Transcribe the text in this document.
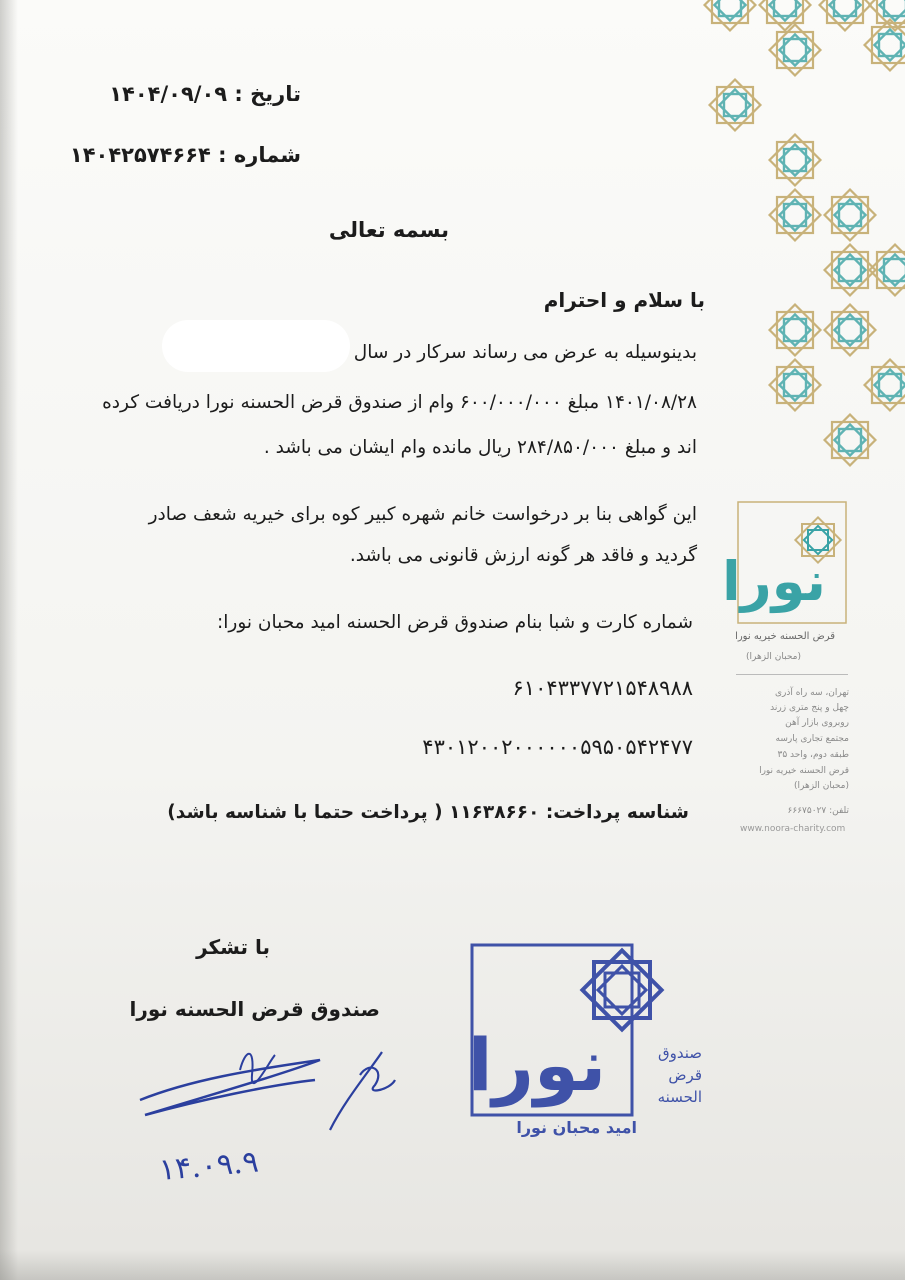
نورا
قرض الحسنه خیریه نورا
(محبان الزهرا)
تهران، سه راه آذری
چهل و پنج متری زرند
روبروی بازار آهن
مجتمع تجاری پارسه
طبقه دوم، واحد ۳۵
قرض الحسنه خیریه نورا
(محبان الزهرا)
تلفن: ۶۶۶۷۵۰۲۷
www.noora-charity.com
تاریخ : ۱۴۰۴/۰۹/۰۹
شماره : ۱۴۰۴۲۵۷۴۶۶۴
بسمه تعالی
با سلام و احترام
بدینوسیله به عرض می رساند سرکار در سال
۱۴۰۱/۰۸/۲۸ مبلغ ۶۰۰/۰۰۰/۰۰۰ وام از صندوق قرض الحسنه نورا دریافت کرده
اند و مبلغ ۲۸۴/۸۵۰/۰۰۰ ریال مانده وام ایشان می باشد .
این گواهی بنا بر درخواست خانم شهره کبیر کوه برای خیریه شعف صادر
گردید و فاقد هر گونه ارزش قانونی می باشد.
شماره کارت و شبا بنام صندوق قرض الحسنه امید محبان نورا:
۶۱۰۴۳۳۷۷۲۱۵۴۸۹۸۸
۴۳۰۱۲۰۰۲۰۰۰۰۰۰۵۹۵۰۵۴۲۴۷۷
شناسه پرداخت: ۱۱۶۳۸۶۶۰ ( پرداخت حتما با شناسه باشد)
با تشکر
صندوق قرض الحسنه نورا
نورا	صندوق
قرض
الحسنه
امید محبان نورا
۱۴.۰۹.۹
